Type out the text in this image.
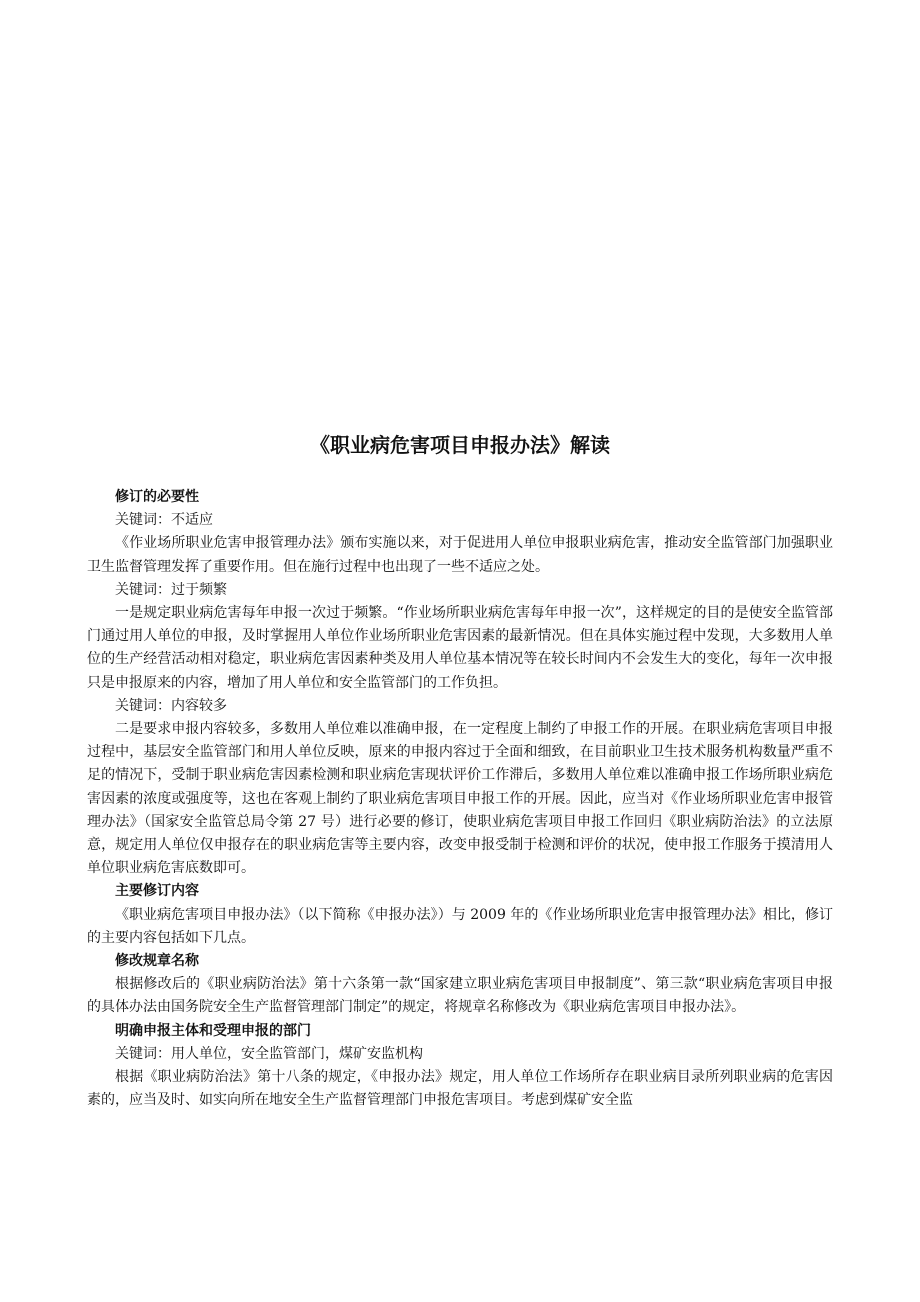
《职业病危害项目申报办法》解读
修订的必要性

关键词：不适应

《作业场所职业危害申报管理办法》颁布实施以来，对于促进用人单位申报职业病危害，推动安全监管部门加强职业卫生监督管理发挥了重要作用。但在施行过程中也出现了一些不适应之处。

关键词：过于频繁

一是规定职业病危害每年申报一次过于频繁。“作业场所职业病危害每年申报一次”，这样规定的目的是使安全监管部门通过用人单位的申报，及时掌握用人单位作业场所职业危害因素的最新情况。但在具体实施过程中发现，大多数用人单位的生产经营活动相对稳定，职业病危害因素种类及用人单位基本情况等在较长时间内不会发生大的变化，每年一次申报只是申报原来的内容，增加了用人单位和安全监管部门的工作负担。

关键词：内容较多

二是要求申报内容较多，多数用人单位难以准确申报，在一定程度上制约了申报工作的开展。在职业病危害项目申报过程中，基层安全监管部门和用人单位反映，原来的申报内容过于全面和细致，在目前职业卫生技术服务机构数量严重不足的情况下，受制于职业病危害因素检测和职业病危害现状评价工作滞后，多数用人单位难以准确申报工作场所职业病危害因素的浓度或强度等，这也在客观上制约了职业病危害项目申报工作的开展。因此，应当对《作业场所职业危害申报管理办法》（国家安全监管总局令第 27 号）进行必要的修订，使职业病危害项目申报工作回归《职业病防治法》的立法原意，规定用人单位仅申报存在的职业病危害等主要内容，改变申报受制于检测和评价的状况，使申报工作服务于摸清用人单位职业病危害底数即可。

主要修订内容

《职业病危害项目申报办法》（以下简称《申报办法》）与 2009 年的《作业场所职业危害申报管理办法》相比，修订的主要内容包括如下几点。

修改规章名称

根据修改后的《职业病防治法》第十六条第一款“国家建立职业病危害项目申报制度”、第三款“职业病危害项目申报的具体办法由国务院安全生产监督管理部门制定”的规定，将规章名称修改为《职业病危害项目申报办法》。

明确申报主体和受理申报的部门

关键词：用人单位，安全监管部门，煤矿安监机构

根据《职业病防治法》第十八条的规定，《申报办法》规定，用人单位工作场所存在职业病目录所列职业病的危害因素的，应当及时、如实向所在地安全生产监督管理部门申报危害项目。考虑到煤矿安全监
